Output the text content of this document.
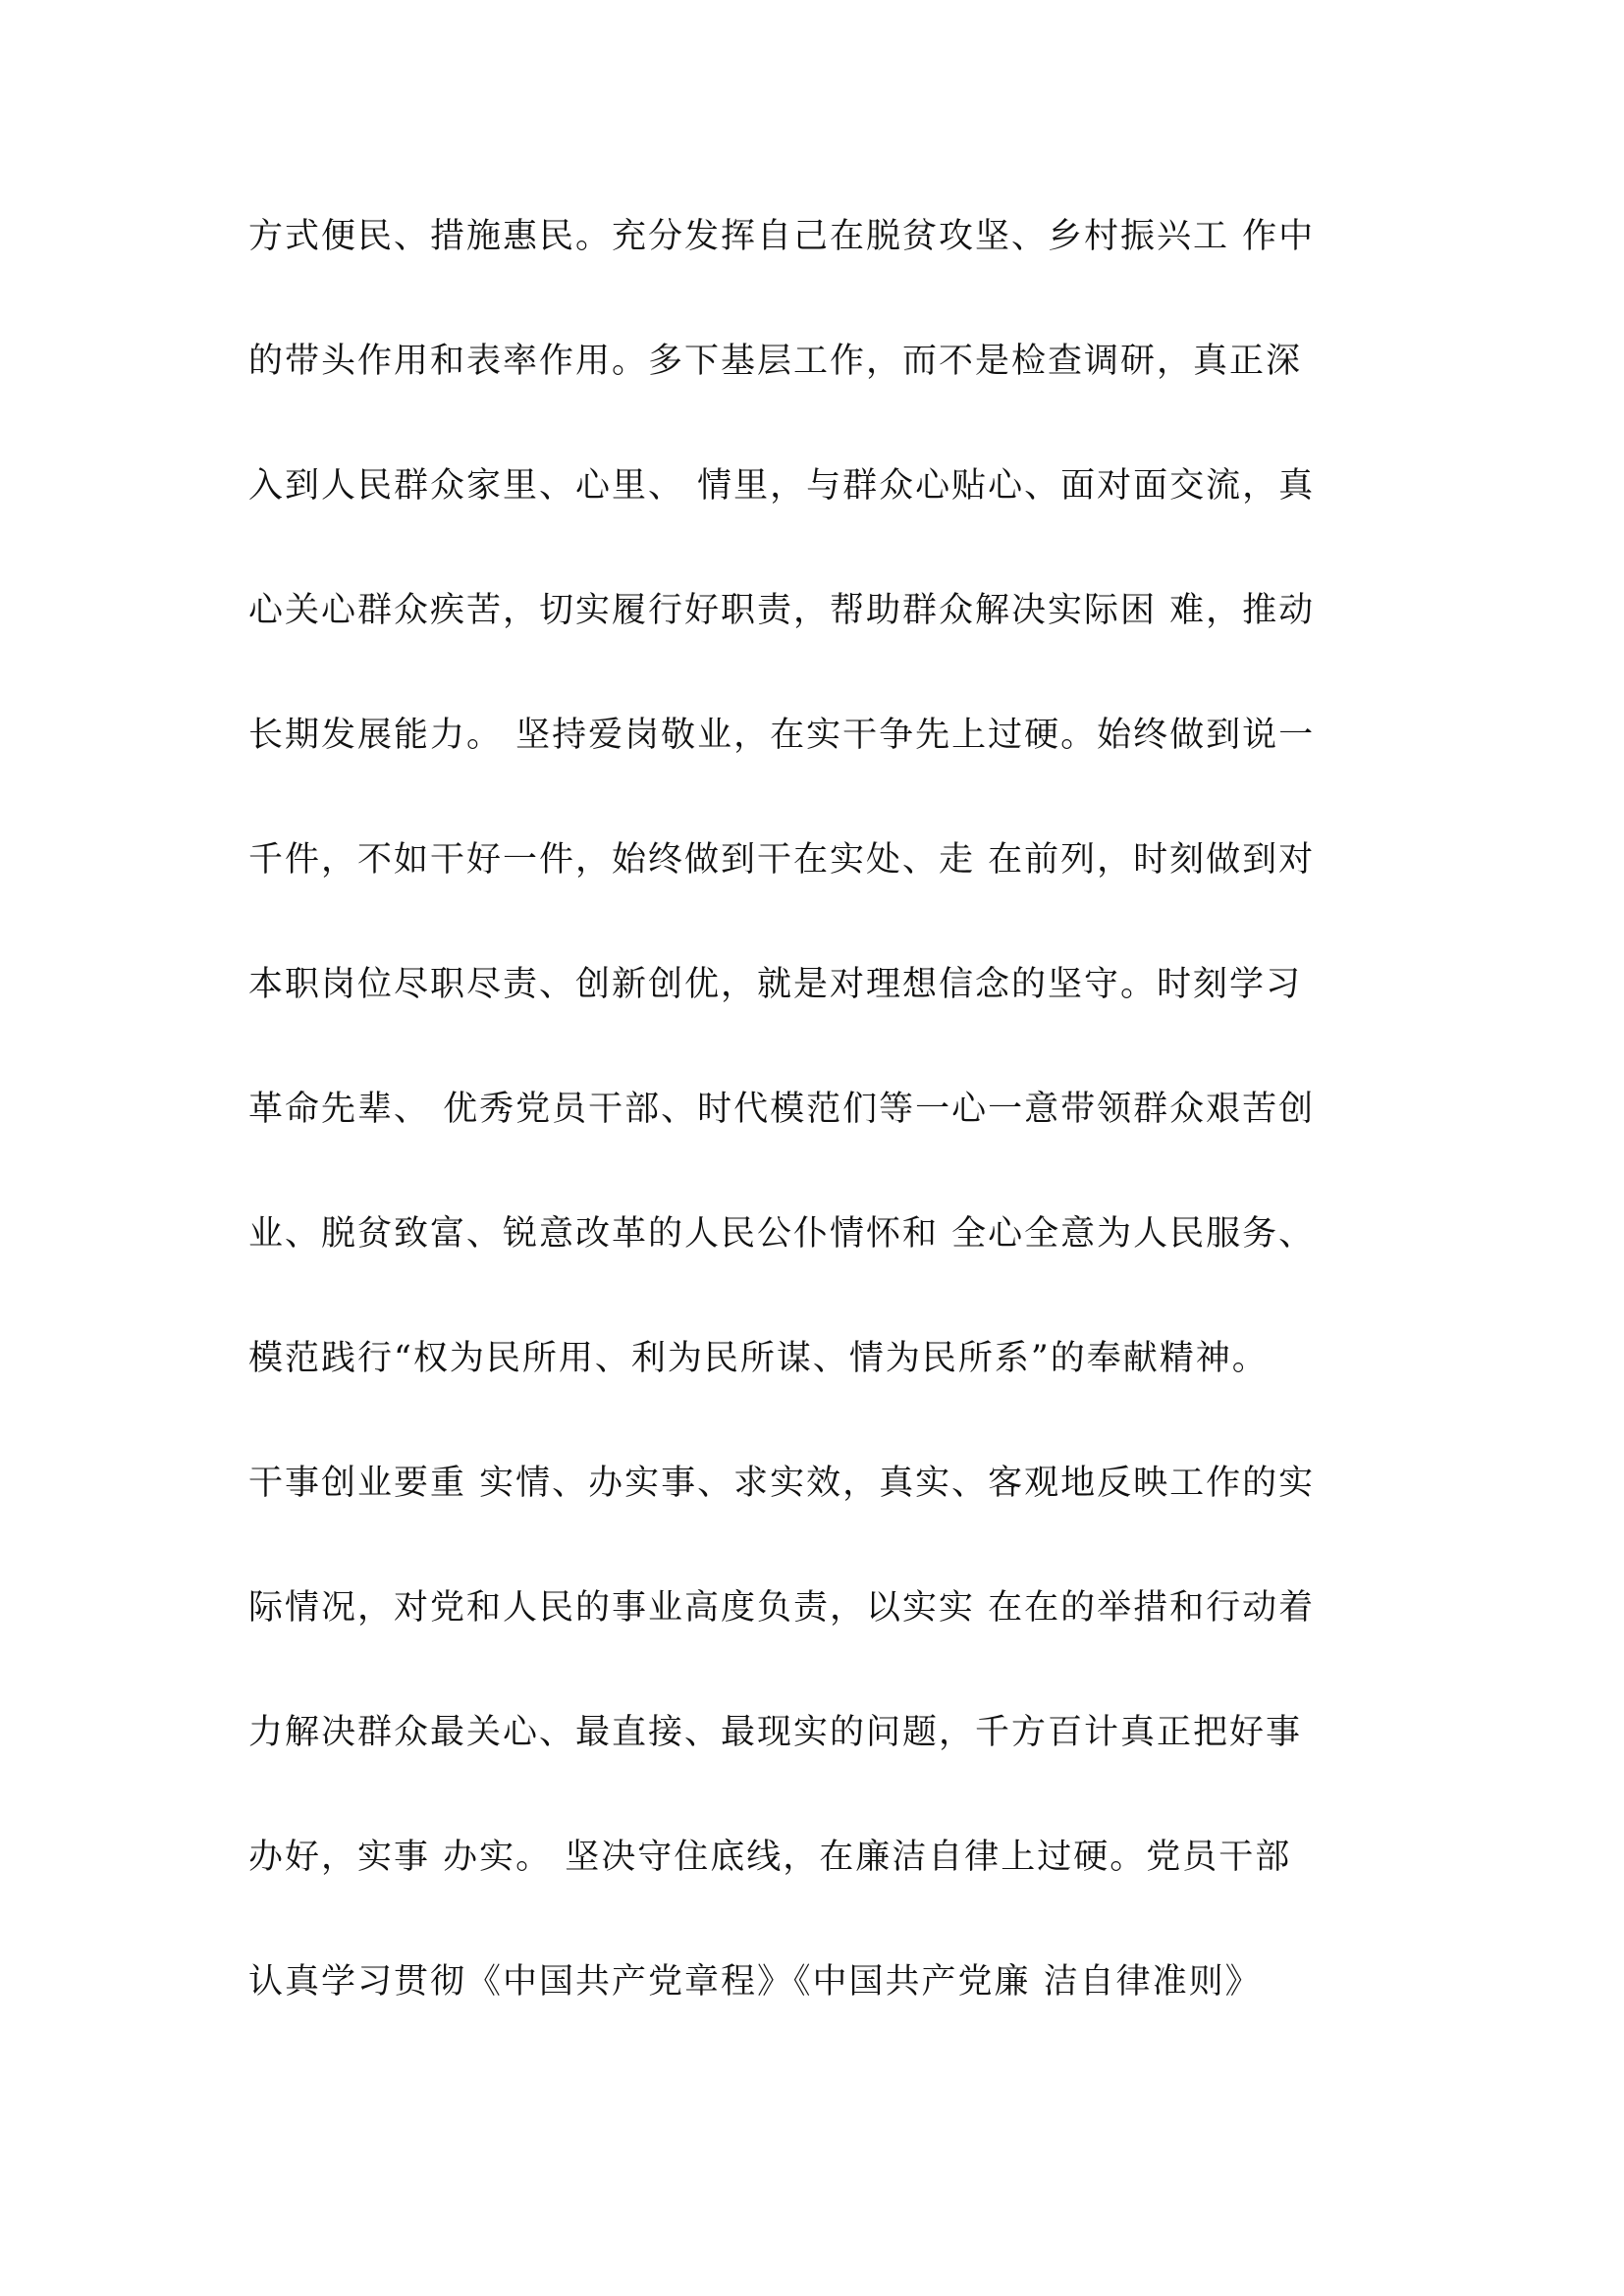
方式便民、措施惠民。充分发挥自己在脱贫攻坚、乡村振兴工 作中
的带头作用和表率作用。多下基层工作，而不是检查调研，真正深
入到人民群众家里、心里、 情里，与群众心贴心、面对面交流，真
心关心群众疾苦，切实履行好职责，帮助群众解决实际困 难，推动
长期发展能力。 坚持爱岗敬业，在实干争先上过硬。始终做到说一
千件，不如干好一件，始终做到干在实处、走 在前列，时刻做到对
本职岗位尽职尽责、创新创优，就是对理想信念的坚守。时刻学习
革命先辈、 优秀党员干部、时代模范们等一心一意带领群众艰苦创
业、脱贫致富、锐意改革的人民公仆情怀和 全心全意为人民服务、
模范践行“权为民所用、利为民所谋、情为民所系”的奉献精神。
干事创业要重 实情、办实事、求实效，真实、客观地反映工作的实
际情况，对党和人民的事业高度负责，以实实 在在的举措和行动着
力解决群众最关心、最直接、最现实的问题，千方百计真正把好事
办好，实事 办实。 坚决守住底线，在廉洁自律上过硬。党员干部
认真学习贯彻《中国共产党章程》《中国共产党廉 洁自律准则》
